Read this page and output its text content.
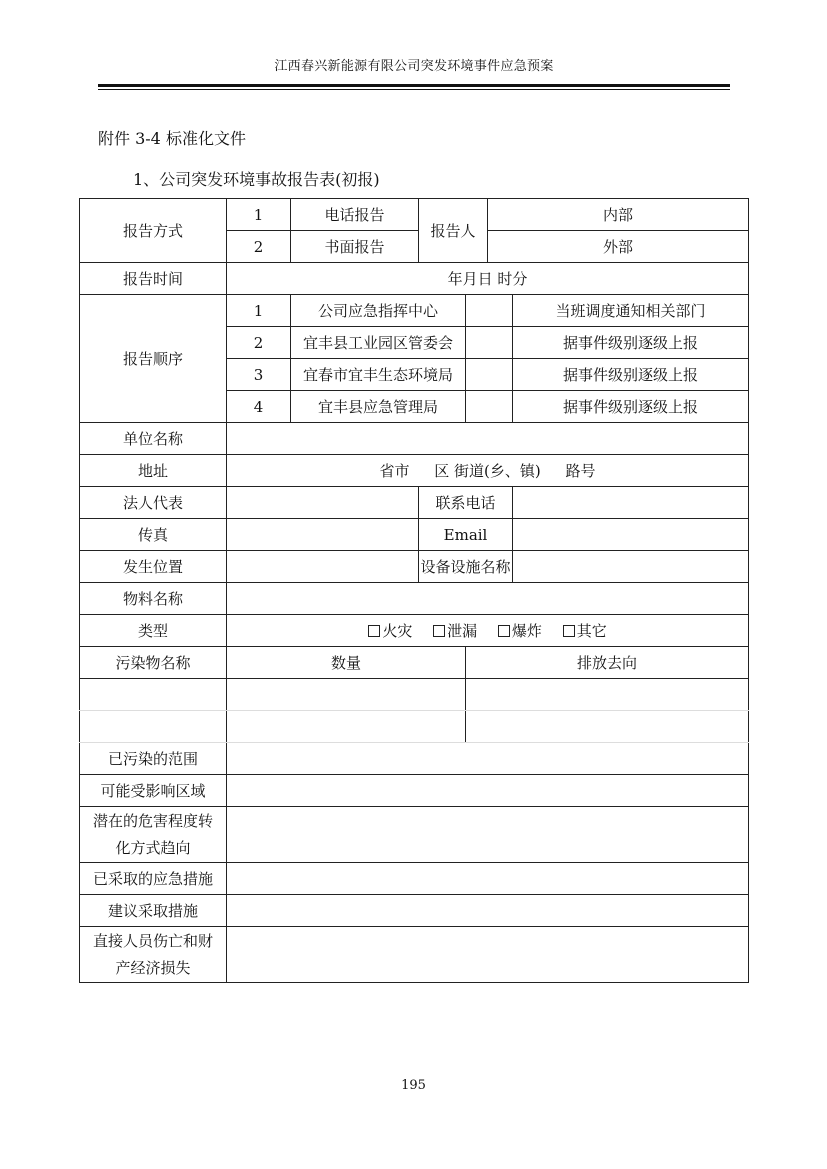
江西春兴新能源有限公司突发环境事件应急预案
附件 3-4 标准化文件
1、公司突发环境事故报告表(初报)
报告方式	1	电话报告	报告人		内部	
	2	书面报告			外部	
报告时间	年月日 时分					
报告顺序	1	公司应急指挥中心				当班调度通知相关部门
	2	宜丰县工业园区管委会				据事件级别逐级上报
	3	宜春市宜丰生态环境局				据事件级别逐级上报
	4	宜丰县应急管理局				据事件级别逐级上报
单位名称						
地址	省市 区 街道(乡、镇) 路号					
法人代表			联系电话			
传真			Email			
发生位置			设备设施名称			
物料名称						
类型	火灾 泄漏 爆炸 其它					
污染物名称	数量			排放去向		

已污染的范围						
可能受影响区域						

潜在的危害程度转
化方式趋向						

已采取的应急措施						
建议采取措施						

直接人员伤亡和财
产经济损失						

195
